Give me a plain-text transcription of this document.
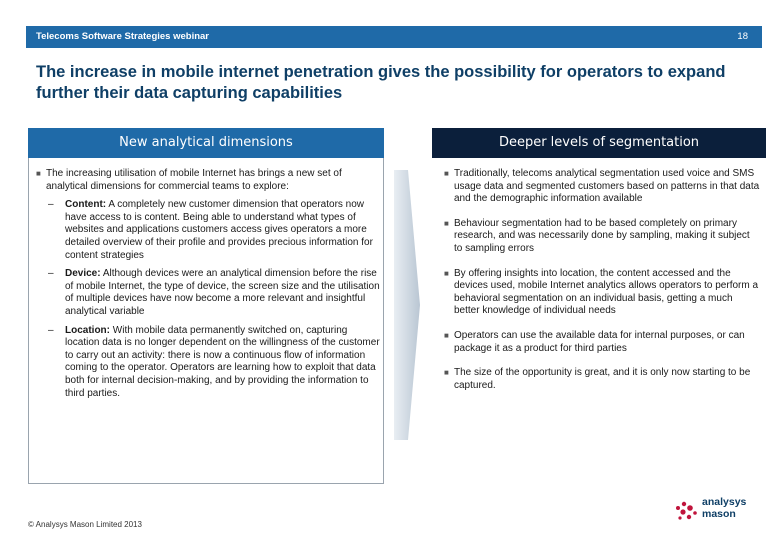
Telecoms Software Strategies webinar	18
The increase in mobile internet penetration gives the possibility for operators to expand further their data capturing capabilities
New analytical dimensions
■ The increasing utilisation of mobile Internet has brings a new set of analytical dimensions for commercial teams to explore:
–	Content: A completely new customer dimension that operators now have access to is content. Being able to understand what types of websites and applications customers access gives operators a more detailed overview of their profile and provides precious information for content strategies
–	Device: Although devices were an analytical dimension before the rise of mobile Internet, the type of device, the screen size and the utilisation of multiple devices have now become a more relevant and insightful analytical variable
–	Location: With mobile data permanently switched on, capturing location data is no longer dependent on the willingness of the customer to carry out an activity: there is now a continuous flow of information coming to the operator. Operators are learning how to exploit that data both for internal decision-making, and by providing the information to third parties.
Deeper levels of segmentation
■ Traditionally, telecoms analytical segmentation used voice and SMS usage data and segmented customers based on patterns in that data and the demographic information available
■ Behaviour segmentation had to be based completely on primary research, and was necessarily done by sampling, making it subject to sampling errors
■ By offering insights into location, the content accessed and the devices used, mobile Internet analytics allows operators to perform a behavioral segmentation on an individual basis, getting a much better knowledge of individual needs
■ Operators can use the available data for internal purposes, or can package it as a product for third parties
■ The size of the opportunity is great, and it is only now starting to be captured.
© Analysys Mason Limited 2013
analysys
mason
